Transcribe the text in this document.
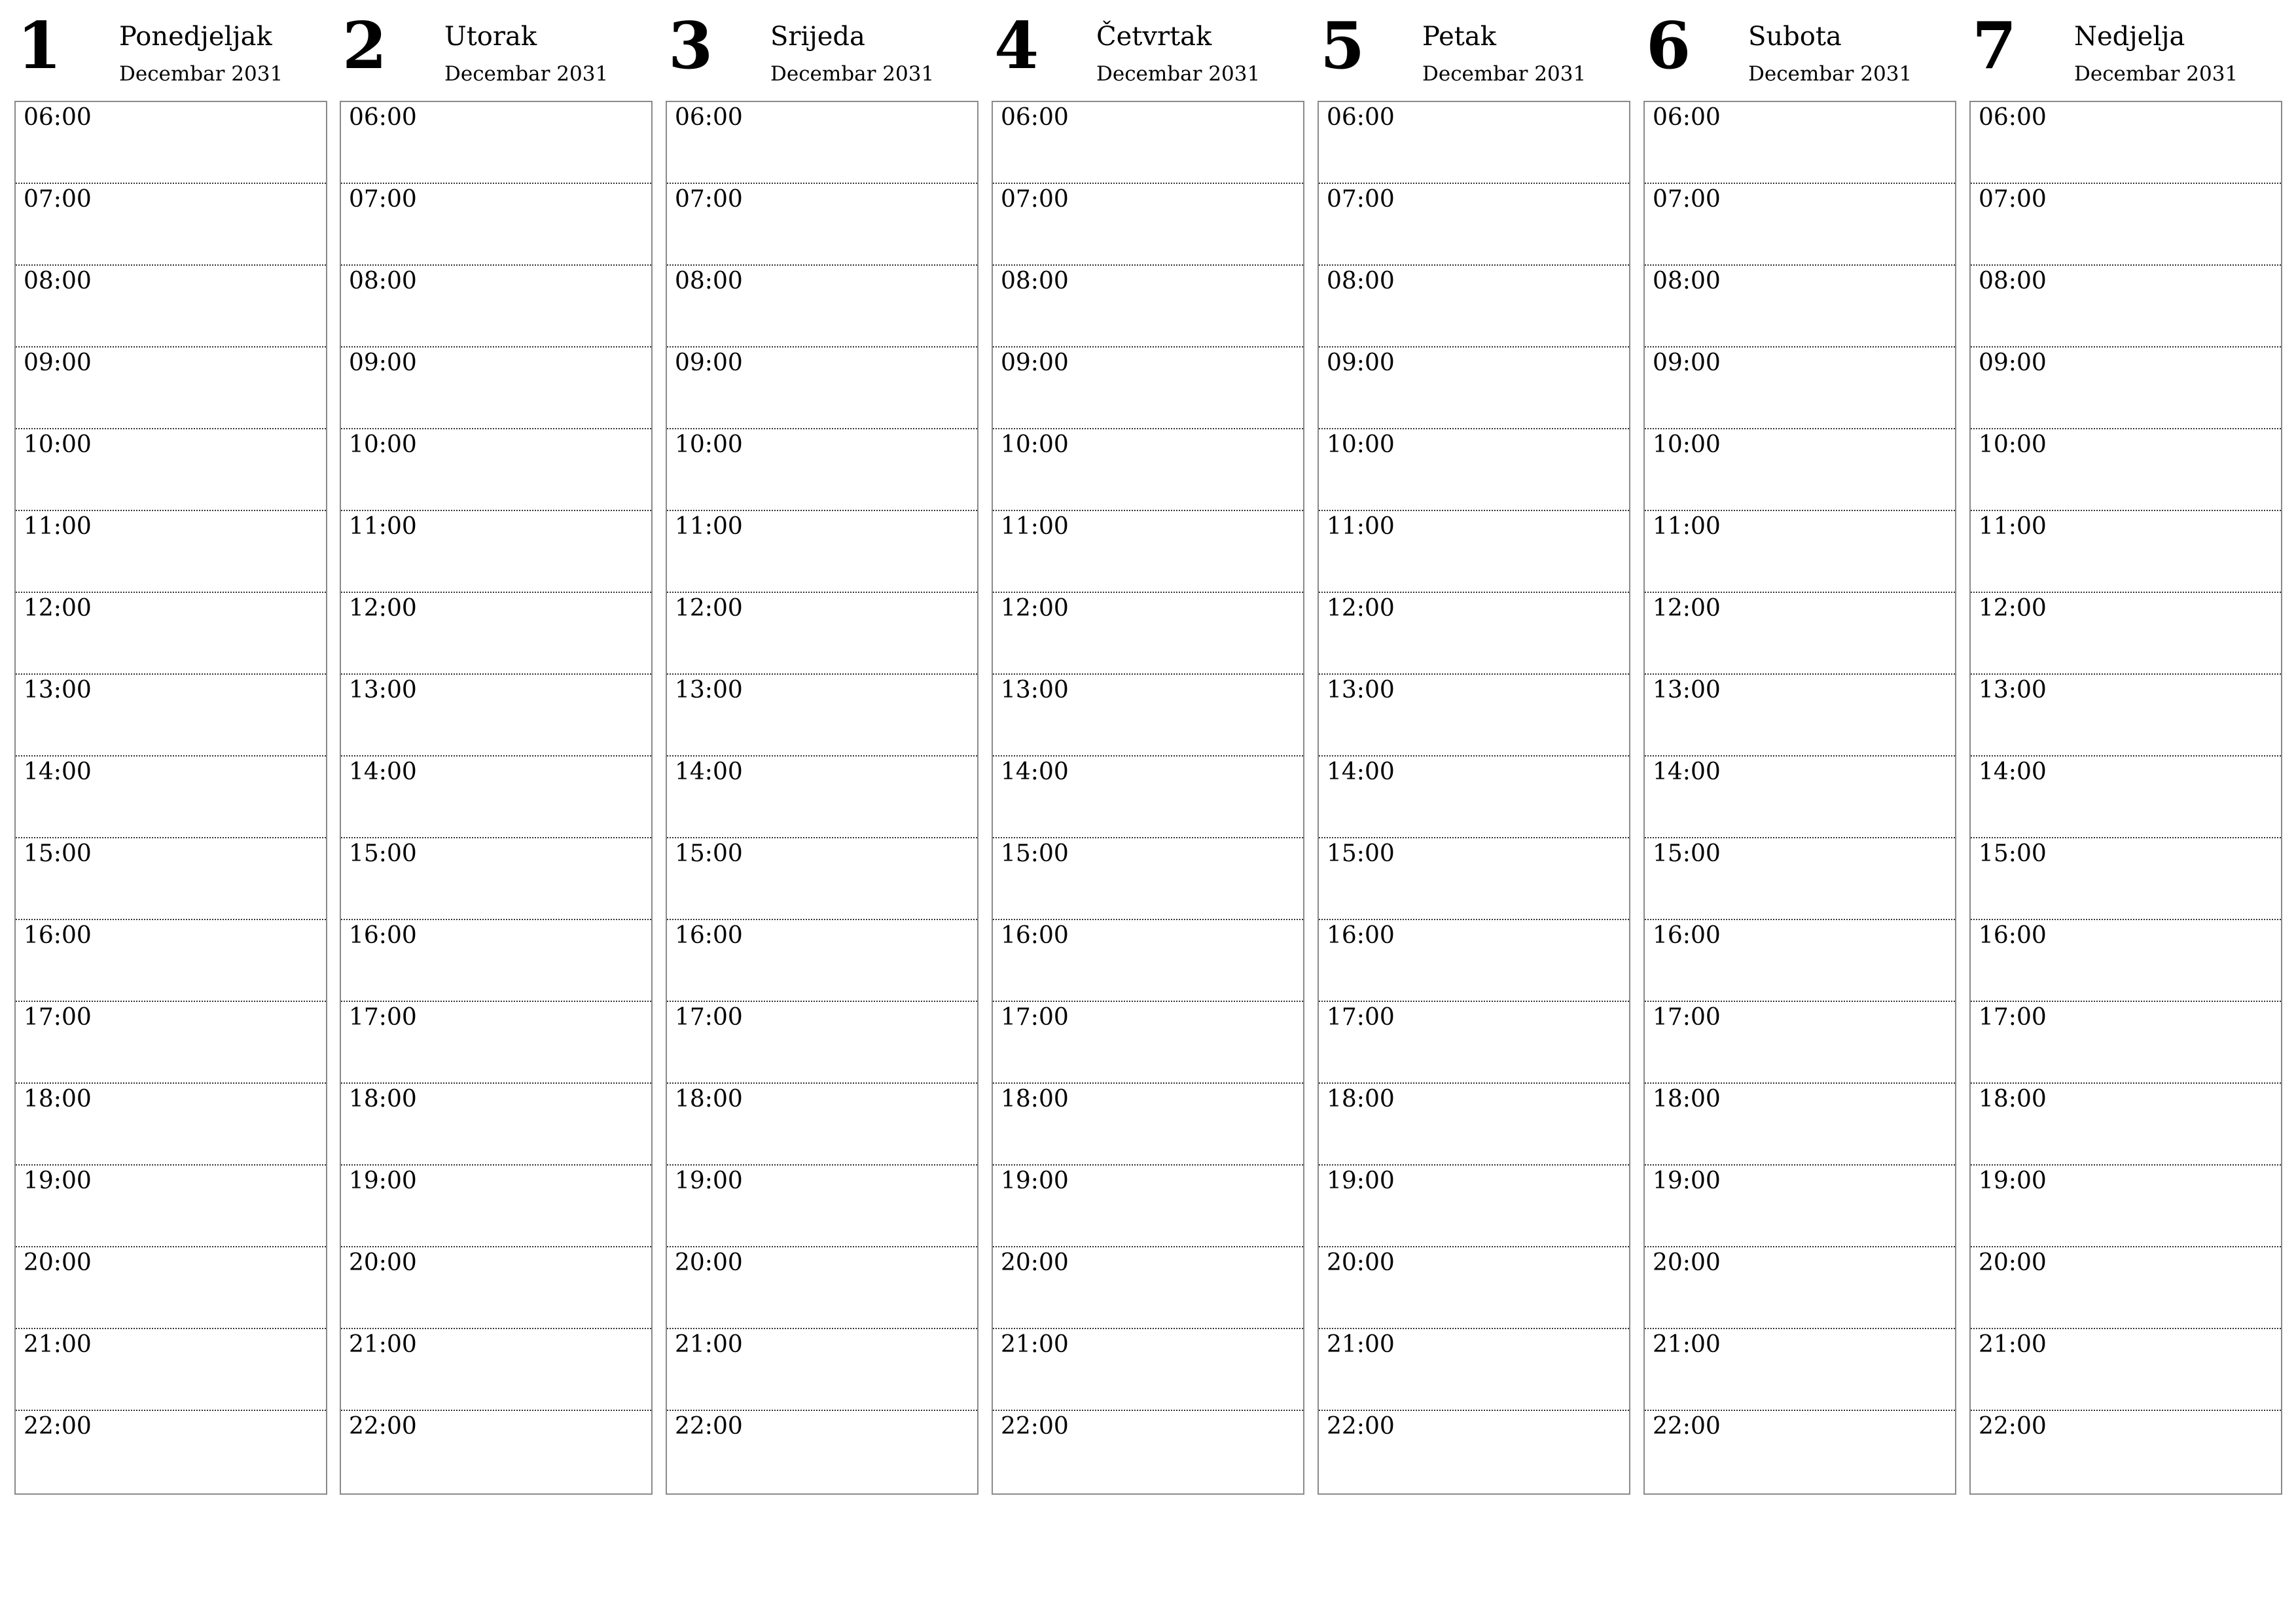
1 Ponedjeljak
Decembar 2031
06:00
07:00
08:00
09:00
10:00
11:00
12:00
13:00
14:00
15:00
16:00
17:00
18:00
19:00
20:00
21:00
22:00
2 Utorak
Decembar 2031
06:00
07:00
08:00
09:00
10:00
11:00
12:00
13:00
14:00
15:00
16:00
17:00
18:00
19:00
20:00
21:00
22:00
3 Srijeda
Decembar 2031
06:00
07:00
08:00
09:00
10:00
11:00
12:00
13:00
14:00
15:00
16:00
17:00
18:00
19:00
20:00
21:00
22:00
4 Četvrtak
Decembar 2031
06:00
07:00
08:00
09:00
10:00
11:00
12:00
13:00
14:00
15:00
16:00
17:00
18:00
19:00
20:00
21:00
22:00
5 Petak
Decembar 2031
06:00
07:00
08:00
09:00
10:00
11:00
12:00
13:00
14:00
15:00
16:00
17:00
18:00
19:00
20:00
21:00
22:00
6 Subota
Decembar 2031
06:00
07:00
08:00
09:00
10:00
11:00
12:00
13:00
14:00
15:00
16:00
17:00
18:00
19:00
20:00
21:00
22:00
7 Nedjelja
Decembar 2031
06:00
07:00
08:00
09:00
10:00
11:00
12:00
13:00
14:00
15:00
16:00
17:00
18:00
19:00
20:00
21:00
22:00
